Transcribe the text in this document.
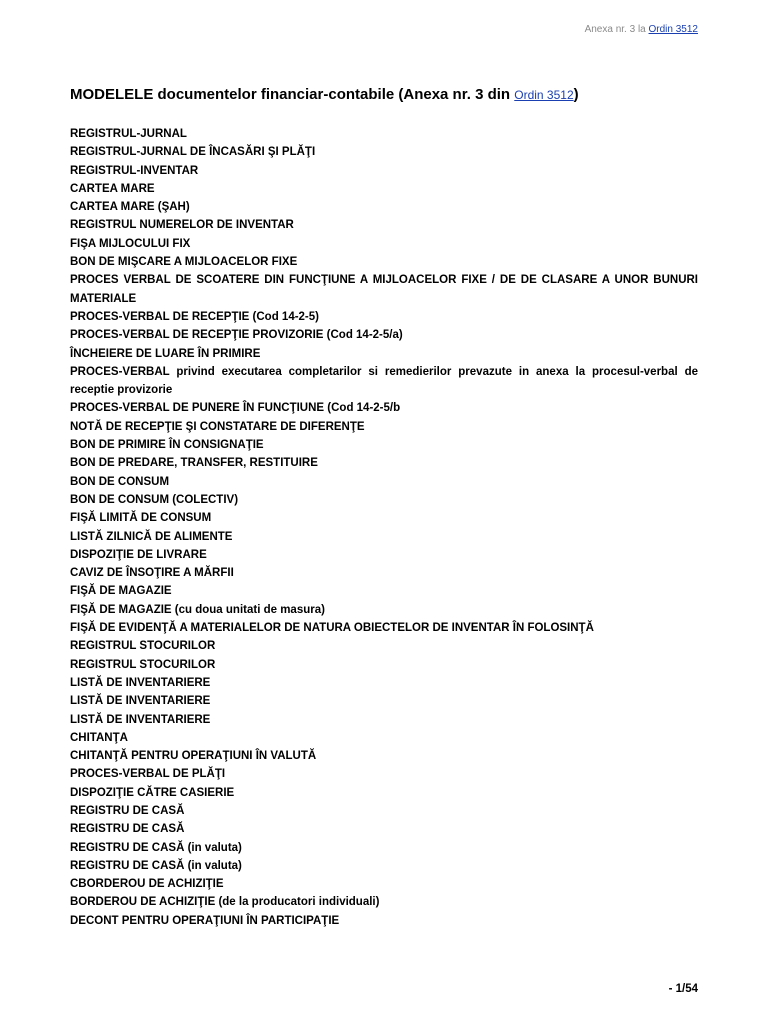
Anexa nr. 3 la Ordin 3512
MODELELE documentelor financiar-contabile (Anexa nr. 3 din Ordin 3512)
REGISTRUL-JURNAL
REGISTRUL-JURNAL DE ÎNCASĂRI ŞI PLĂŢI
REGISTRUL-INVENTAR
CARTEA MARE
CARTEA MARE (ŞAH)
REGISTRUL NUMERELOR DE INVENTAR
FIŞA MIJLOCULUI FIX
BON DE MIŞCARE A MIJLOACELOR FIXE
PROCES VERBAL DE SCOATERE DIN FUNCŢIUNE A MIJLOACELOR FIXE / DE DE CLASARE A UNOR BUNURI MATERIALE
PROCES-VERBAL DE RECEPŢIE (Cod 14-2-5)
PROCES-VERBAL DE RECEPŢIE PROVIZORIE (Cod 14-2-5/a)
ÎNCHEIERE DE LUARE ÎN PRIMIRE
PROCES-VERBAL privind executarea completarilor si remedierilor prevazute in anexa la procesul-verbal de receptie provizorie
PROCES-VERBAL DE PUNERE ÎN FUNCŢIUNE (Cod 14-2-5/b
NOTĂ DE RECEPŢIE ŞI CONSTATARE DE DIFERENŢE
BON DE PRIMIRE ÎN CONSIGNAŢIE
BON DE PREDARE, TRANSFER, RESTITUIRE
BON DE CONSUM
BON DE CONSUM (COLECTIV)
FIŞĂ LIMITĂ DE CONSUM
LISTĂ ZILNICĂ DE ALIMENTE
DISPOZIŢIE DE LIVRARE
CAVIZ DE ÎNSOŢIRE A MĂRFII
FIŞĂ DE MAGAZIE
FIŞĂ DE MAGAZIE (cu doua unitati de masura)
FIŞĂ DE EVIDENŢĂ A MATERIALELOR DE NATURA OBIECTELOR DE INVENTAR ÎN FOLOSINŢĂ
REGISTRUL STOCURILOR
REGISTRUL STOCURILOR
LISTĂ DE INVENTARIERE
LISTĂ DE INVENTARIERE
LISTĂ DE INVENTARIERE
CHITANŢA
CHITANŢĂ PENTRU OPERAŢIUNI ÎN VALUTĂ
PROCES-VERBAL DE PLĂŢI
DISPOZIŢIE CĂTRE CASIERIE
REGISTRU DE CASĂ
REGISTRU DE CASĂ
REGISTRU DE CASĂ (in valuta)
REGISTRU DE CASĂ (in valuta)
CBORDEROU DE ACHIZIŢIE
BORDEROU DE ACHIZIŢIE (de la producatori individuali)
DECONT PENTRU OPERAŢIUNI ÎN PARTICIPAŢIE
- 1/54
